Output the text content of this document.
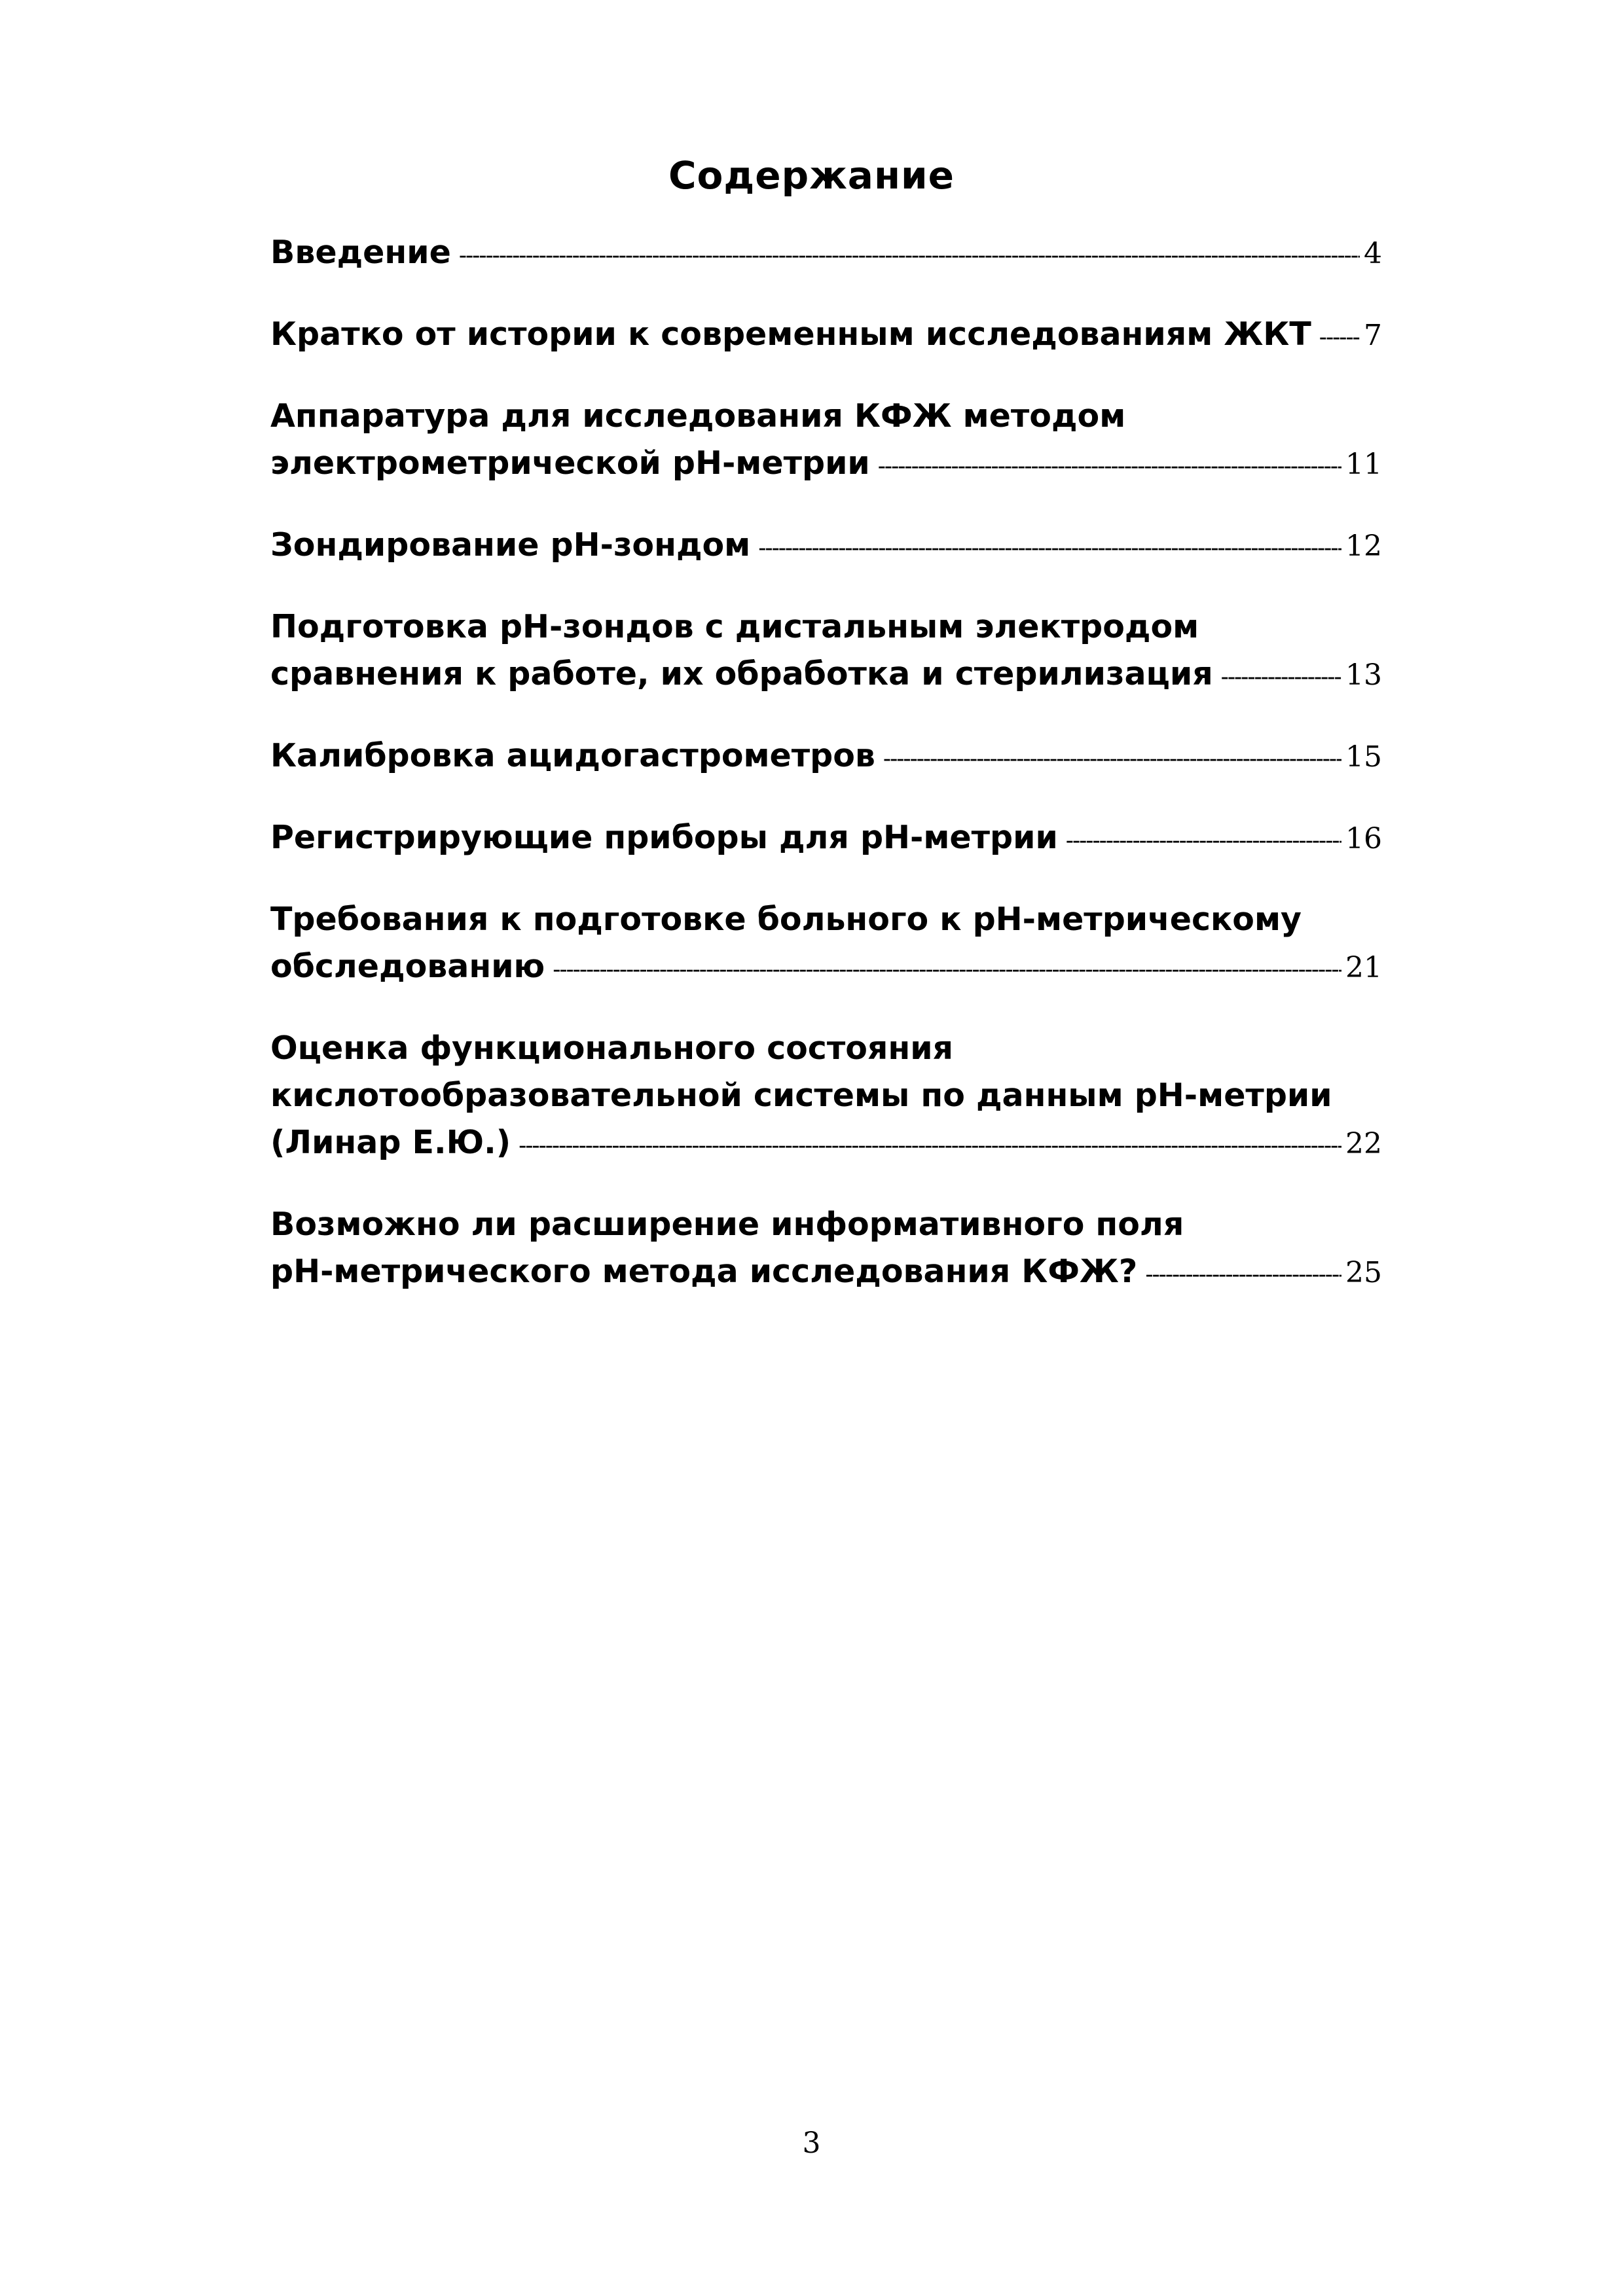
Содержание
Введение -----	4
Кратко от истории к современным исследованиям ЖКТ ----- 7
Аппаратура для исследования КФЖ методом
электрометрической рН-метрии -----	11
Зондирование рН-зондом -----	12
Подготовка рН-зондов с дистальным электродом
сравнения к работе, их обработка и стерилизация -----	13
Калибровка ацидогастрометров -----	15
Регистрирующие приборы для рН-метрии -----	16
Требования к подготовке больного к рН-метрическому
обследованию -----	21
Оценка функционального состояния
кислотообразовательной системы по данным рН-метрии
(Линар Е.Ю.) -----	22
Возможно ли расширение информативного поля
рН-метрического метода исследования КФЖ? -----	25
3
